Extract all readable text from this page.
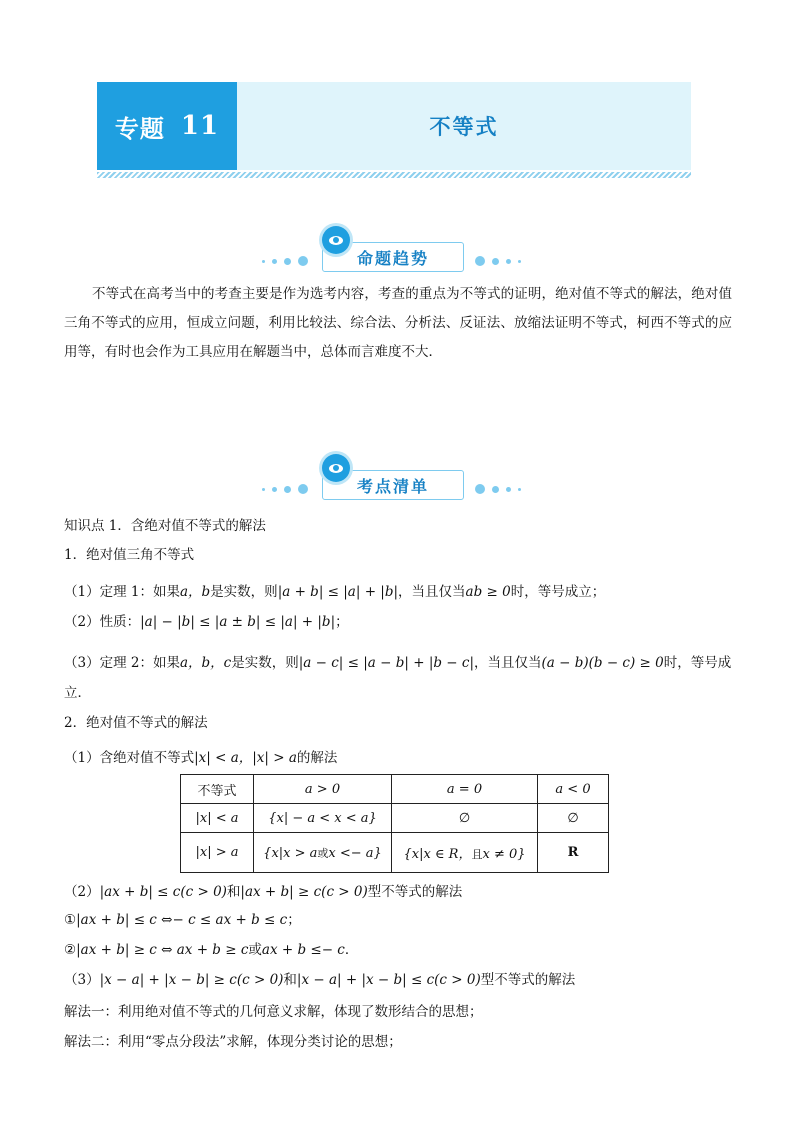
专题 11	不等式
命题趋势
不等式在高考当中的考查主要是作为选考内容，考查的重点为不等式的证明，绝对值不等式的解法，绝对值三角不等式的应用，恒成立问题，利用比较法、综合法、分析法、反证法、放缩法证明不等式，柯西不等式的应用等，有时也会作为工具应用在解题当中，总体而言难度不大．
考点清单
知识点 1．含绝对值不等式的解法
1．绝对值三角不等式
（1）定理 1：如果a，b是实数，则|a + b| ≤ |a| + |b|，当且仅当ab ≥ 0时，等号成立；
（2）性质：|a| − |b| ≤ |a ± b| ≤ |a| + |b|；
（3）定理 2：如果a，b，c是实数，则|a − c| ≤ |a − b| + |b − c|，当且仅当(a − b)(b − c) ≥ 0时，等号成
立．
2．绝对值不等式的解法
（1）含绝对值不等式|x| < a，|x| > a的解法
不等式	a > 0	a = 0	a < 0
|x| < a	{x| − a < x < a}	∅	∅
|x| > a	{x|x > a或x <− a}	{x|x ∈ R，且x ≠ 0}	R
（2）|ax + b| ≤ c(c > 0)和|ax + b| ≥ c(c > 0)型不等式的解法
①|ax + b| ≤ c ⇔− c ≤ ax + b ≤ c；
②|ax + b| ≥ c ⇔ ax + b ≥ c或ax + b ≤− c．
（3）|x − a| + |x − b| ≥ c(c > 0)和|x − a| + |x − b| ≤ c(c > 0)型不等式的解法
解法一：利用绝对值不等式的几何意义求解，体现了数形结合的思想；
解法二：利用“零点分段法”求解，体现分类讨论的思想；
